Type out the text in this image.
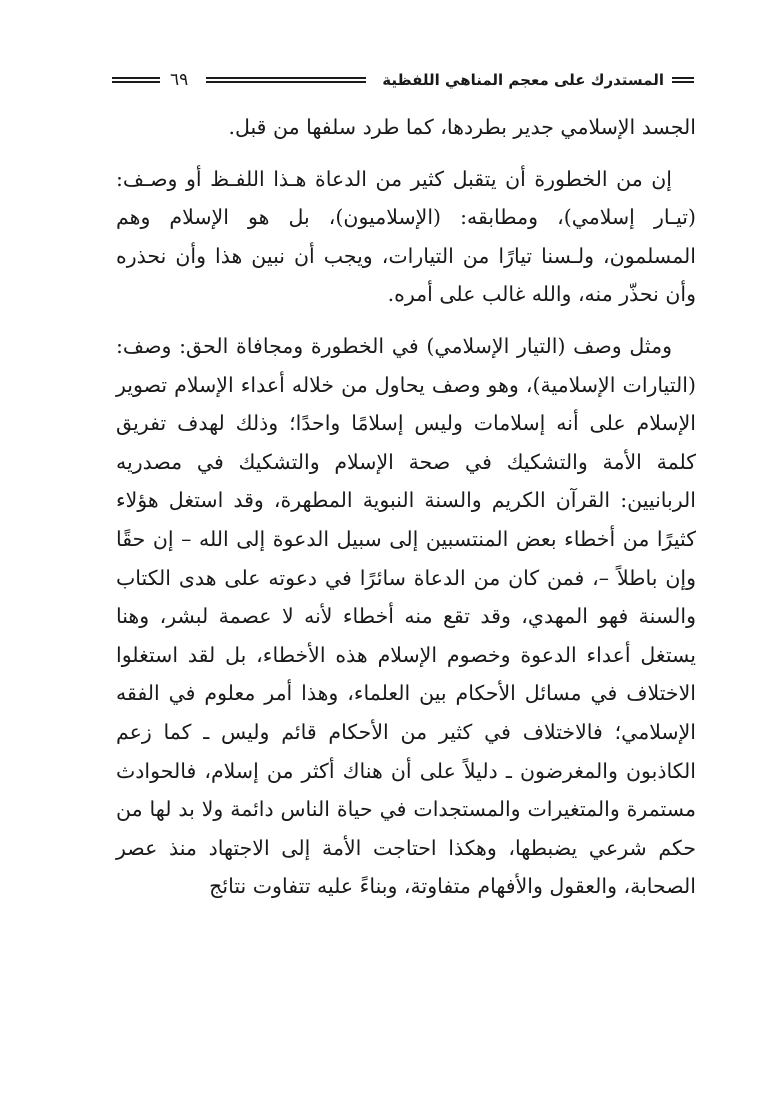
المستدرك على معجم المناهي اللفظية
٦٩

الجسد الإسلامي جدير بطردها، كما طرد سلفها من قبل.

إن من الخطورة أن يتقبل كثير من الدعاة هـذا اللفـظ أو وصـف: (تيـار إسلامي)، ومطابقه: (الإسلاميون)، بل هو الإسلام وهم المسلمون، ولـسنا تيارًا من التيارات، ويجب أن نبين هذا وأن نحذره وأن نحذّر منه، والله غالب على أمره.

ومثل وصف (التيار الإسلامي) في الخطورة ومجافاة الحق: وصف: (التيارات الإسلامية)، وهو وصف يحاول من خلاله أعداء الإسلام تصوير الإسلام على أنه إسلامات وليس إسلامًا واحدًا؛ وذلك لهدف تفريق كلمة الأمة والتشكيك في صحة الإسلام والتشكيك في مصدريه الربانيين: القرآن الكريم والسنة النبوية المطهرة، وقد استغل هؤلاء كثيرًا من أخطاء بعض المنتسبين إلى سبيل الدعوة إلى الله – إن حقًا وإن باطلاً –، فمن كان من الدعاة سائرًا في دعوته على هدى الكتاب والسنة فهو المهدي، وقد تقع منه أخطاء لأنه لا عصمة لبشر، وهنا يستغل أعداء الدعوة وخصوم الإسلام هذه الأخطاء، بل لقد استغلوا الاختلاف في مسائل الأحكام بين العلماء، وهذا أمر معلوم في الفقه الإسلامي؛ فالاختلاف في كثير من الأحكام قائم وليس ـ كما زعم الكاذبون والمغرضون ـ دليلاً على أن هناك أكثر من إسلام، فالحوادث مستمرة والمتغيرات والمستجدات في حياة الناس دائمة ولا بد لها من حكم شرعي يضبطها، وهكذا احتاجت الأمة إلى الاجتهاد منذ عصر الصحابة، والعقول والأفهام متفاوتة، وبناءً عليه تتفاوت نتائج
